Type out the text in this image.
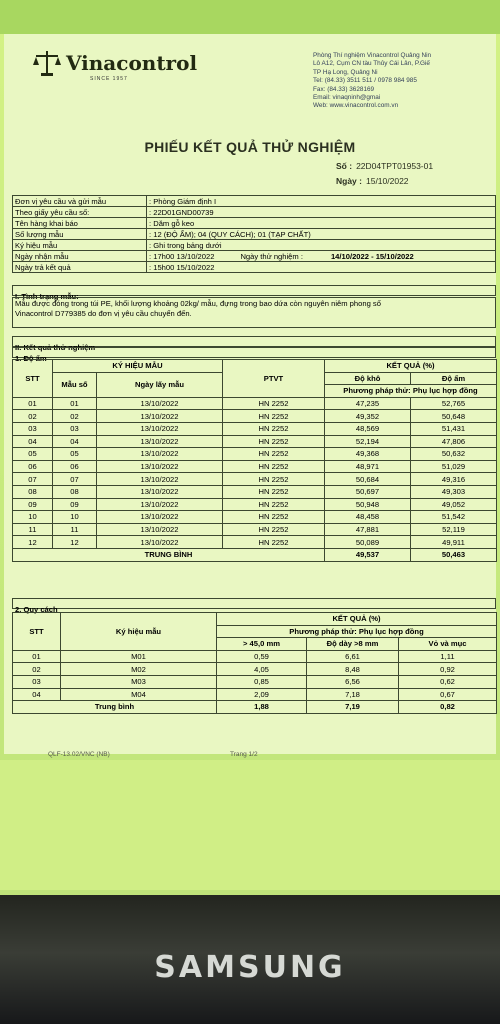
Vinacontrol
SINCE 1957
Phòng Thí nghiệm Vinacontrol Quảng Nin
Lô A12, Cụm CN tàu Thủy Cái Lân, P.Giế
TP Hạ Long, Quảng Ni
Tel: (84.33) 3511 511 / 0978 984 985
Fax: (84.33) 3628169
Email: vinaqninh@gmai
Web: www.vinacontrol.com.vn
PHIẾU KẾT QUẢ THỬ NGHIỆM
Số : 22D04TPT01953-01
Ngày : 15/10/2022
Đơn vị yêu cầu và gửi mẫu	: Phòng Giám định I
Theo giấy yêu cầu số:	: 22D01GND00739
Tên hàng khai báo	: Dăm gỗ keo
Số lượng mẫu	: 12 (ĐỘ ẨM); 04 (QUY CÁCH); 01 (TẠP CHẤT)
Ký hiệu mẫu	: Ghi trong bảng dưới
Ngày nhận mẫu	: 17h00 13/10/2022 Ngày thử nghiệm : 14/10/2022 - 15/10/2022
Ngày trả kết quả	: 15h00 15/10/2022
I. Tình trạng mẫu:
Mẫu được đóng trong túi PE, khối lượng khoảng 02kg/ mẫu, đựng trong bao dứa còn nguyên niêm phong số
Vinacontrol D779385 do đơn vị yêu cầu chuyển đến.
II. Kết quả thử nghiệm
1. Độ ẩm
STT	KÝ HIỆU MẪU		PTVT	KẾT QUẢ (%)	
	Mẫu số	Ngày lấy mẫu		Độ khô	Độ ẩm
				Phương pháp thử: Phụ lục hợp đồng	
01	01	13/10/2022	HN 2252	47,235	52,765
02	02	13/10/2022	HN 2252	49,352	50,648
03	03	13/10/2022	HN 2252	48,569	51,431
04	04	13/10/2022	HN 2252	52,194	47,806
05	05	13/10/2022	HN 2252	49,368	50,632
06	06	13/10/2022	HN 2252	48,971	51,029
07	07	13/10/2022	HN 2252	50,684	49,316
08	08	13/10/2022	HN 2252	50,697	49,303
09	09	13/10/2022	HN 2252	50,948	49,052
10	10	13/10/2022	HN 2252	48,458	51,542
11	11	13/10/2022	HN 2252	47,881	52,119
12	12	13/10/2022	HN 2252	50,089	49,911
TRUNG BÌNH				49,537	50,463
2. Quy cách
STT	Ký hiệu mẫu	KẾT QUẢ (%)		
		Phương pháp thử: Phụ lục hợp đồng		
		> 45,0 mm	Độ dày >8 mm	Vỏ và mục
01	M01	0,59	6,61	1,11
02	M02	4,05	8,48	0,92
03	M03	0,85	6,56	0,62
04	M04	2,09	7,18	0,67
Trung bình		1,88	7,19	0,82
QLF-13.02/VNC (NB)	Trang 1/2
SAMSUNG
